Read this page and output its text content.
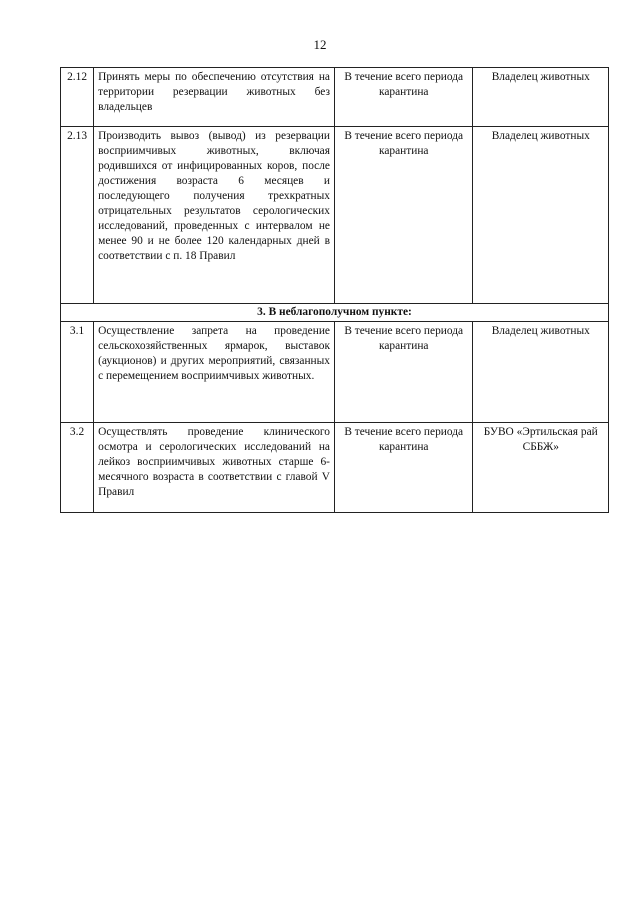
12
2.12	Принять меры по обеспечению отсутствия на территории резервации животных без владельцев	В течение всего периода карантина	Владелец животных
2.13	Производить вывоз (вывод) из резервации восприимчивых животных, включая родившихся от инфицированных коров, после достижения возраста 6 месяцев и последующего получения трехкратных отрицательных результатов серологических исследований, проведенных с интервалом не менее 90 и не более 120 календарных дней в соответствии с п. 18 Правил	В течение всего периода карантина	Владелец животных
3. В неблагополучном пункте:			
3.1	Осуществление запрета на проведение сельскохозяйственных ярмарок, выставок (аукционов) и других мероприятий, связанных с перемещением восприимчивых животных.	В течение всего периода карантина	Владелец животных
3.2	Осуществлять проведение клинического осмотра и серологических исследований на лейкоз восприимчивых животных старше 6-месячного возраста в соответствии с главой V Правил	В течение всего периода карантина	БУВО «Эртильская рай СББЖ»
